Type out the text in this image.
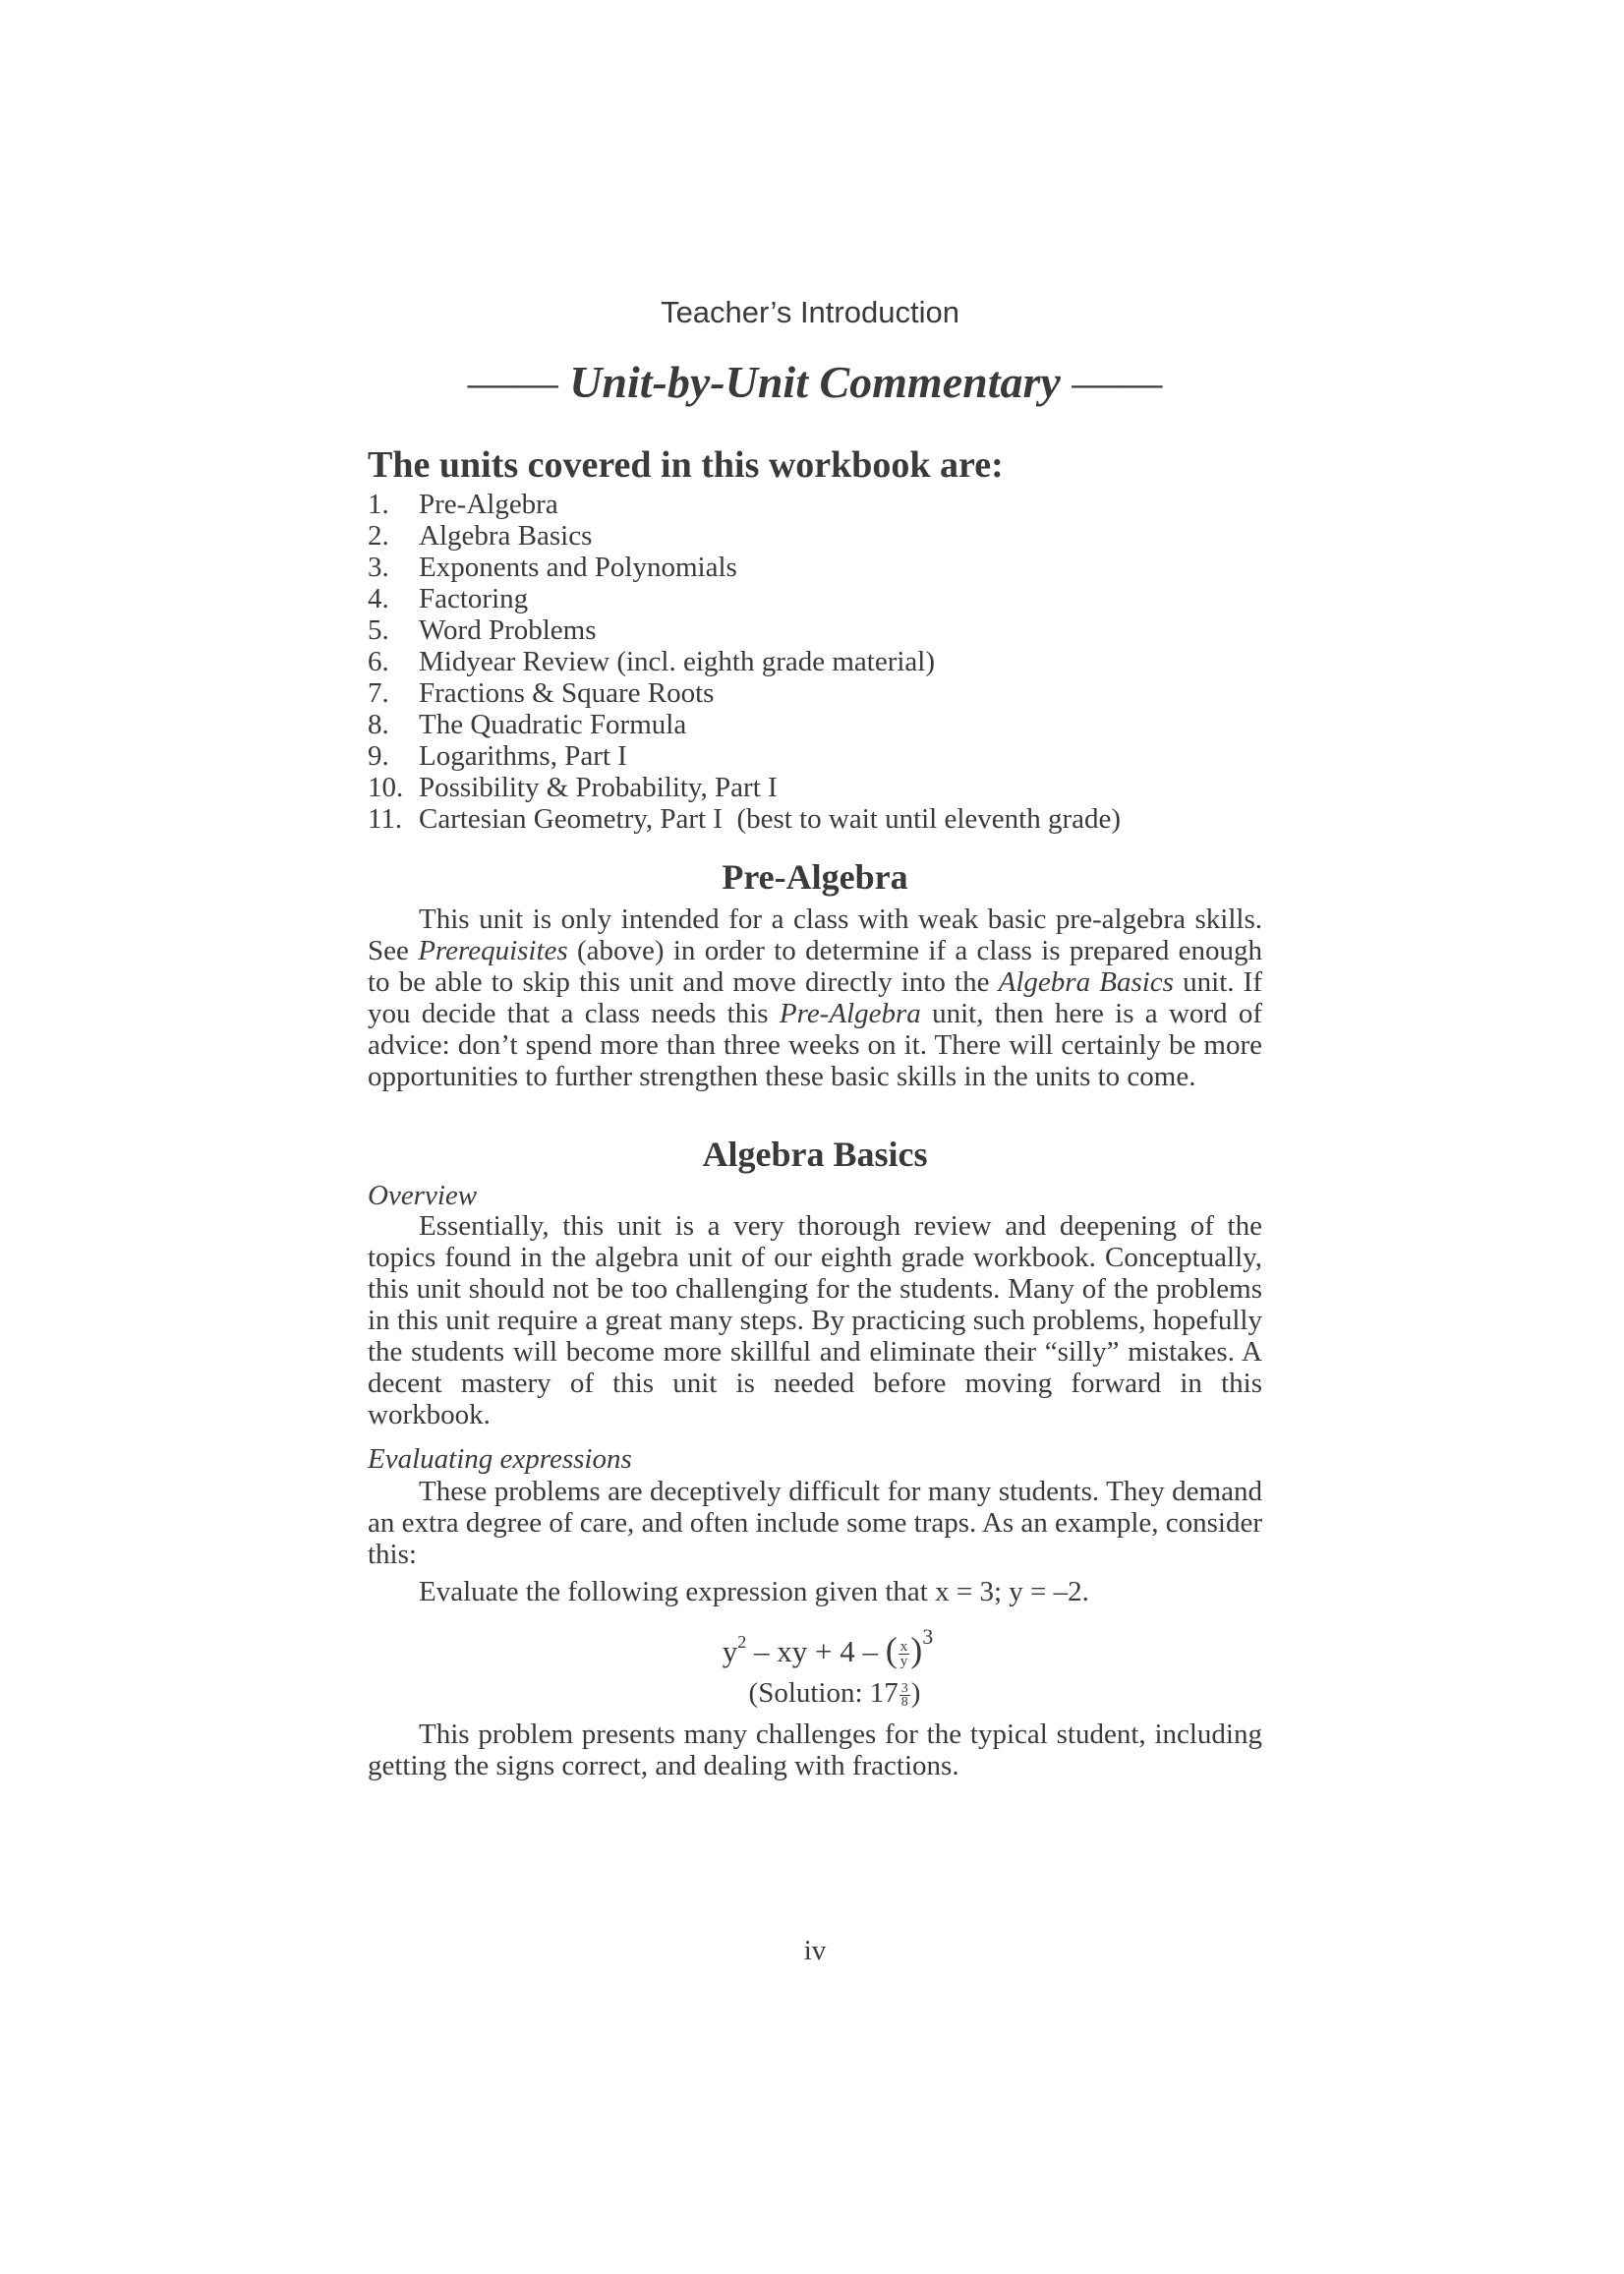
Teacher’s Introduction
—— Unit-by-Unit Commentary ——
The units covered in this workbook are:
1.	Pre-Algebra
2.	Algebra Basics
3.	Exponents and Polynomials
4.	Factoring
5.	Word Problems
6.	Midyear Review (incl. eighth grade material)
7.	Fractions & Square Roots
8.	The Quadratic Formula
9.	Logarithms, Part I
10. Possibility & Probability, Part I
11. Cartesian Geometry, Part I  (best to wait until eleventh grade)
Pre-Algebra

This unit is only intended for a class with weak basic pre-algebra skills. See Prerequisites (above) in order to determine if a class is prepared enough to be able to skip this unit and move directly into the Algebra Basics unit. If you decide that a class needs this Pre-Algebra unit, then here is a word of advice: don’t spend more than three weeks on it. There will certainly be more opportunities to further strengthen these basic skills in the units to come.

Algebra Basics
Overview

Essentially, this unit is a very thorough review and deepening of the topics found in the algebra unit of our eighth grade workbook. Conceptually, this unit should not be too challenging for the students. Many of the problems in this unit require a great many steps. By practicing such problems, hopefully the students will become more skillful and eliminate their “silly” mistakes. A decent mastery of this unit is needed before moving forward in this workbook.

Evaluating expressions

These problems are deceptively difficult for many students. They demand an extra degree of care, and often include some traps. As an example, consider this:

Evaluate the following expression given that x = 3; y = –2.

$y^2$ – xy + 4 – ( $\frac{x}{y} )^3$
(Solution: $17 \frac{3}{8}$ )

This problem presents many challenges for the typical student, including getting the signs correct, and dealing with fractions.

iv
